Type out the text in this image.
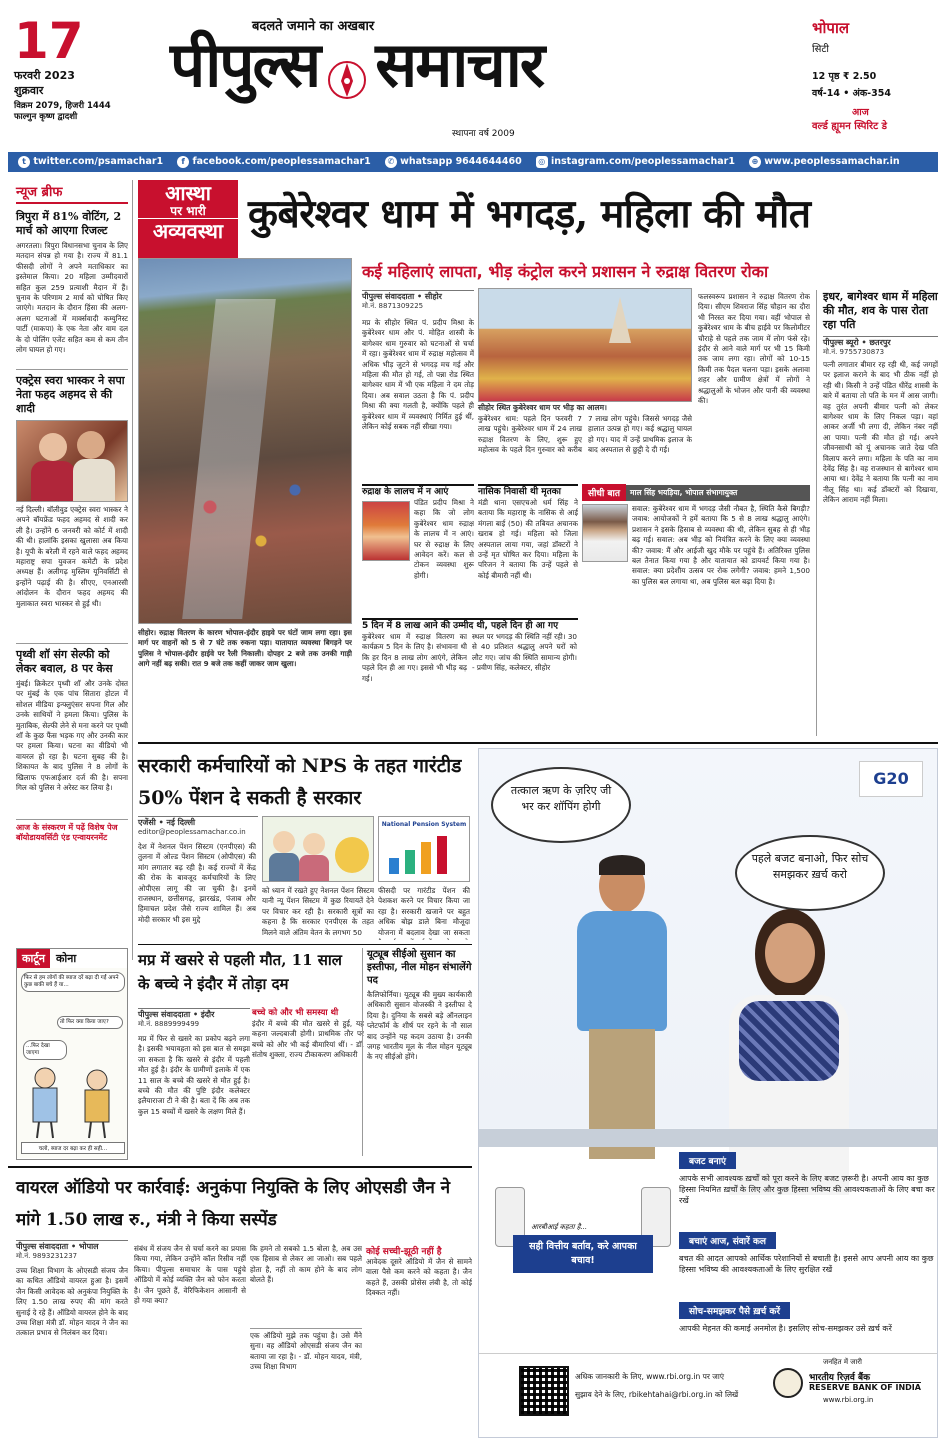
17
फरवरी 2023
शुक्रवार
विक्रम 2079, हिजरी 1444
फाल्गुन कृष्ण द्वादशी
बदलते जमाने का अखबार
पीपुल्स समाचार
स्थापना वर्ष 2009
भोपाल
सिटी
12 पृष्ठ ₹ 2.50
वर्ष-14 • अंक-354
आज
वर्ल्ड ह्यूमन स्पिरिट डे
t twitter.com/psamachar1	f facebook.com/peoplessamachar1	✆ whatsapp 9644644460	◎ instagram.com/peoplessamachar1	⊕ www.peoplessamachar.in
न्यूज ब्रीफ
त्रिपुरा में 81% वोटिंग, 2 मार्च को आएगा रिजल्ट
अगरतला। त्रिपुरा विधानसभा चुनाव के लिए मतदान संपन्न हो गया है। राज्य में 81.1 फीसदी लोगों ने अपने मताधिकार का इस्तेमाल किया। 20 महिला उम्मीदवारों सहित कुल 259 प्रत्याशी मैदान में हैं। चुनाव के परिणाम 2 मार्च को घोषित किए जाएंगे। मतदान के दौरान हिंसा की अलग-अलग घटनाओं में मार्क्सवादी कम्युनिस्ट पार्टी (माकपा) के एक नेता और वाम दल के दो पोलिंग एजेंट सहित कम से कम तीन लोग घायल हो गए।
एक्ट्रेस स्वरा भास्कर ने सपा नेता फहद अहमद से की शादी
नई दिल्ली। बॉलीवुड एक्ट्रेस स्वरा भास्कर ने अपने बॉयफ्रेंड फहद अहमद से शादी कर ली है। उन्होंने 6 जनवरी को कोर्ट में शादी की थी। हालांकि इसका खुलासा अब किया है। यूपी के बरेली में रहने वाले फहद अहमद महाराष्ट्र सपा युवजन कमेटी के प्रदेश अध्यक्ष हैं। अलीगढ़ मुस्लिम यूनिवर्सिटी से इन्होंने पढ़ाई की है। सीएए, एनआरसी आंदोलन के दौरान फहद अहमद की मुलाकात स्वरा भास्कर से हुई थी।
पृथ्वी शॉ संग सेल्फी को लेकर बवाल, 8 पर केस
मुंबई। क्रिकेटर पृथ्वी शॉ और उनके दोस्त पर मुंबई के एक पांच सितारा होटल में सोशल मीडिया इन्फ्लुएंसर सपना गिल और उनके साथियों ने हमला किया। पुलिस के मुताबिक, सेल्फी लेने से मना करने पर पृथ्वी शॉ के कुछ फैंस भड़क गए और उनकी कार पर हमला किया। घटना का वीडियो भी वायरल हो रहा है। घटना सुबह की है। शिकायत के बाद पुलिस ने 8 लोगों के खिलाफ एफआईआर दर्ज की है। सपना गिल को पुलिस ने अरेस्ट कर लिया है।
आज के संस्करण में पढ़ें विशेष पेज बॉयोडायवर्सिटी एंड एन्वायरनमेंट
कार्टून	कोना
फिर से हम लोगों की ब्याज दरें बढ़ा दी गईं अपने कुछ बाकी बचे हैं या...
तो फिर क्या किया जाए?
...फिर देखा जाएगा
चलो, ब्याज दर बढ़ा कर ही सही...
आस्था
पर भारी
अव्यवस्था कुबेरेश्वर धाम में भगदड़, महिला की मौत
कई महिलाएं लापता, भीड़ कंट्रोल करने प्रशासन ने रुद्राक्ष वितरण रोका
पीपुल्स संवाददाता • सीहोर
मो.नं. 8871309225
मप्र के सीहोर स्थित पं. प्रदीप मिश्रा के कुबेरेश्वर धाम और पं. मोहित शास्त्री के बागेश्वर धाम गुरुवार को घटनाओं से चर्चा में रहा। कुबेरेश्वर धाम में रुद्राक्ष महोत्सव में अधिक भीड़ जुटने से भगदड़ मच गई और महिला की मौत हो गई, तो पन्ना रोड स्थित बागेश्वर धाम में भी एक महिला ने दम तोड़ दिया। अब सवाल उठता है कि पं. प्रदीप मिश्रा की क्या गलती है, क्योंकि पहले ही कुबेरेश्वर धाम में व्यवस्थाएं निर्मित हुई थीं, लेकिन कोई सबक नहीं सीखा गया।
सीहोर स्थित कुबेरेश्वर धाम पर भीड़ का आलम।
कुबेरेश्वर धाम: पहले दिन फरवरी 7 लाख पहुंचे। कुबेरेश्वर धाम में 24 लाख रुद्राक्ष वितरण के लिए, शुरू हुए महोत्सव के पहले दिन गुरुवार को करीब 7 लाख लोग पहुंचे। जिससे भगदड़ जैसे हालात उत्पन्न हो गए। कई श्रद्धालु घायल हो गए। याद में उन्हें प्राथमिक इलाज के बाद अस्पताल से छुट्टी दे दी गई।
फलस्वरूप प्रशासन ने रुद्राक्ष वितरण रोक दिया। सीएम शिवराज सिंह चौहान का दौरा भी निरस्त कर दिया गया। वहीं भोपाल से कुबेरेश्वर धाम के बीच हाईवे पर किलोमीटर चौराहे से पहले तक जाम में लोग फंसे रहे। इंदौर से आने वाले मार्ग पर भी 15 किमी तक जाम लगा रहा। लोगों को 10-15 किमी तक पैदल चलना पड़ा। इसके अलावा शहर और ग्रामीण क्षेत्रों में लोगों ने श्रद्धालुओं के भोजन और पानी की व्यवस्था की।
इधर, बागेश्वर धाम में महिला की मौत, शव के पास रोता रहा पति
पीपुल्स ब्यूरो • छतरपुर
मो.नं. 9755730873
पत्नी लगातार बीमार रह रही थी, कई जगहों पर इलाज कराने के बाद भी ठीक नहीं हो रही थी। किसी ने उन्हें पंडित धीरेंद्र शास्त्री के बारे में बताया तो पति के मन में आस जागी। वह तुरंत अपनी बीमार पत्नी को लेकर बागेश्वर धाम के लिए निकल पड़ा। वहां आकर अर्जी भी लगा दी, लेकिन नंबर नहीं आ पाया। पत्नी की मौत हो गई। अपने जीवनसाथी को यूं अचानक जाते देख पति विलाप करने लगा। महिला के पति का नाम देवेंद्र सिंह है। वह राजस्थान से बागेश्वर धाम आया था। देवेंद्र ने बताया कि पत्नी का नाम नीलू सिंह था। कई डॉक्टरों को दिखाया, लेकिन आराम नहीं मिला।
सीहोर। रुद्राक्ष वितरण के कारण भोपाल-इंदौर हाइवे पर घंटों जाम लगा रहा। इस मार्ग पर वाहनों को 5 से 7 घंटे तक रुकना पड़ा। यातायात व्यवस्था बिगड़ने पर पुलिस ने भोपाल-इंदौर हाईवे पर रैली निकाली। दोपहर 2 बजे तक उनकी गाड़ी आगे नहीं बढ़ सकी। रात 9 बजे तक कहीं जाकर जाम खुला।
रुद्राक्ष के लालच में न आएं
पंडित प्रदीप मिश्रा ने कहा कि जो लोग कुबेरेश्वर धाम रुद्राक्ष के लालच में न आएं। घर से रुद्राक्ष के लिए आवेदन करें। कल से टोकन व्यवस्था शुरू होगी।
नासिक निवासी थी मृतका
मंडी थाना एसएचओ धर्म सिंह ने बताया कि महाराष्ट्र के नासिक से आई मंगला बाई (50) की तबियत अचानक खराब हो गई। महिला को जिला अस्पताल लाया गया, जहां डॉक्टरों ने उन्हें मृत घोषित कर दिया। महिला के परिजन ने बताया कि उन्हें पहले से कोई बीमारी नहीं थी।
सीधी बात	माल सिंह भयड़िया, भोपाल संभागायुक्त
सवाल: कुबेरेश्वर धाम में भगदड़ जैसी नौबत है, स्थिति कैसे बिगड़ी? जवाब: आयोजकों ने हमें बताया कि 5 से 8 लाख श्रद्धालु आएंगे। प्रशासन ने इसके हिसाब से व्यवस्था की थी, लेकिन सुबह से ही भीड़ बढ़ गई। सवाल: अब भीड़ को नियंत्रित करने के लिए क्या व्यवस्था की? जवाब: मैं और आईजी खुद मौके पर पहुंचे हैं। अतिरिक्त पुलिस बल तैनात किया गया है और यातायात को डायवर्ट किया गया है। सवाल: क्या प्रदेशीय उत्सव पर रोक लगेगी? जवाब: हमने 1,500 का पुलिस बल लगाया था, अब पुलिस बल बढ़ा दिया है।
5 दिन में 8 लाख आने की उम्मीद थी, पहले दिन ही आ गए
कुबेरेश्वर धाम में रुद्राक्ष वितरण का कार्यक्रम 5 दिन के लिए है। संभावना थी कि हर दिन 8 लाख लोग आएंगे, लेकिन पहले दिन ही आ गए। इससे भी भीड़ बढ़ गई।
स्थल पर भगदड़ की स्थिति नहीं रही। 30 से 40 प्रतिशत श्रद्धालु अपने घरों को लौट गए। जांच की स्थिति सामान्य होगी। - प्रवीण सिंह, कलेक्टर, सीहोर
सरकारी कर्मचारियों को NPS के तहत गारंटीड 50% पेंशन दे सकती है सरकार
एजेंसी • नई दिल्ली
editor@peoplessamachar.co.in
National Pension System
देश में नेशनल पेंशन सिस्टम (एनपीएस) की तुलना में ओल्ड पेंशन सिस्टम (ओपीएस) की मांग लगातार बढ़ रही है। कई राज्यों में केंद्र की रोक के बावजूद कर्मचारियों के लिए ओपीएस लागू की जा चुकी है। इनमें राजस्थान, छत्तीसगढ़, झारखंड, पंजाब और हिमाचल प्रदेश जैसे राज्य शामिल हैं। अब मोदी सरकार भी इस मुद्दे
को ध्यान में रखते हुए नेशनल पेंशन सिस्टम यानी न्यू पेंशन सिस्टम में कुछ रियायतें देने पर विचार कर रही है। सरकारी सूत्रों का कहना है कि सरकार एनपीएस के तहत मिलने वाले अंतिम वेतन के लगभग 50
फीसदी पर गारंटीड पेंशन की पेशकश करने पर विचार किया जा रहा है। सरकारी खजाने पर बहुत अधिक बोझ डाले बिना मौजूदा योजना में बदलाव देखा जा सकता
मप्र में खसरे से पहली मौत, 11 साल के बच्चे ने इंदौर में तोड़ा दम
पीपुल्स संवाददाता • इंदौर
मो.नं. 8889999499
मप्र में फिर से खसरे का प्रकोप बढ़ने लगा है। इसकी भयावहता को इस बात से समझा जा सकता है कि खसरे से इंदौर में पहली मौत हुई है। इंदौर के ग्रामीणों इलाके में एक 11 साल के बच्चे की खसरे से मौत हुई है। बच्चे की मौत की पुष्टि इंदौर कलेक्टर इलैयाराजा टी ने की है। बता दें कि अब तक कुल 15 बच्चों में खसरे के लक्षण मिले हैं।
बच्चे को और भी समस्या थी
इंदौर में बच्चे की मौत खसरे से हुई, यह कहना जल्दबाजी होगी। प्राथमिक तौर पर बच्चे को और भी कई बीमारियां थीं। - डॉ. संतोष शुक्ला, राज्य टीकाकरण अधिकारी
यूट्यूब सीईओ सुसान का इस्तीफा, नील मोहन संभालेंगे पद
कैलिफोर्निया। यूट्यूब की मुख्य कार्यकारी अधिकारी सुसान वोजस्की ने इस्तीफा दे दिया है। दुनिया के सबसे बड़े ऑनलाइन प्लेटफॉर्म के शीर्ष पर रहने के नौ साल बाद उन्होंने यह कदम उठाया है। उनकी जगह भारतीय मूल के नील मोहन यूट्यूब के नए सीईओ होंगे।
वायरल ऑडियो पर कार्रवाई: अनुकंपा नियुक्ति के लिए ओएसडी जैन ने मांगे 1.50 लाख रु., मंत्री ने किया सस्पेंड
पीपुल्स संवाददाता • भोपाल
मो.नं. 9893231237
उच्च शिक्षा विभाग के ओएसडी संजय जैन का कथित ऑडियो वायरल हुआ है। इसमें जैन किसी आवेदक को अनुकंपा नियुक्ति के लिए 1.50 लाख रुपए की मांग करते सुनाई दे रहे हैं। ऑडियो वायरल होने के बाद उच्च शिक्षा मंत्री डॉ. मोहन यादव ने जैन का तत्काल प्रभाव से निलंबन कर दिया।
संबंध में संजय जैन से चर्चा करने का प्रयास किया गया, लेकिन उन्होंने कॉल रिसीव नहीं किया। पीपुल्स समाचार के पास पहुंचे ऑडियो में कोई व्यक्ति जैन को फोन करता है। जैन पूछते हैं, वेरिफिकेशन आसानी से हो गया क्या?
कि हमने तो सबको 1.5 बोला है, अब उस एक हिसाब से लेकर आ जाओ। सब पहले होता है, नहीं तो काम होने के बाद लोग बोलते हैं।
एक ऑडियो मुझे तक पहुंचा है। उसे मैंने सुना। वह ऑडियो ओएसडी संजय जैन का बताया जा रहा है। - डॉ. मोहन यादव, मंत्री, उच्च शिक्षा विभाग
कोई सच्ची-झूठी नहीं है
आवेदक दूसरे ऑडियो में जैन से सामने वाला पैसे कम करने को कहता है। जैन कहते हैं, उसकी प्रोसेस लंबी है, तो कोई दिक्कत नहीं।
G20
तत्काल ऋण के ज़रिए जी भर कर शॉपिंग होगी
पहले बजट बनाओ, फिर सोच समझकर ख़र्च करो
बजट बनाएं
आपके सभी आवश्यक ख़र्चों को पूरा करने के लिए बजट ज़रूरी है। अपनी आय का कुछ हिस्सा नियमित ख़र्चों के लिए और कुछ हिस्सा भविष्य की आवश्यकताओं के लिए बचा कर रखें
बचाएं आज, संवारें कल
बचत की आदत आपको आर्थिक परेशानियों से बचाती है। इससे आप अपनी आय का कुछ हिस्सा भविष्य की आवश्यकताओं के लिए सुरक्षित रखें
सोच-समझकर पैसे ख़र्च करें
आपकी मेहनत की कमाई अनमोल है। इसलिए सोच-समझकर उसे ख़र्च करें
आरबीआई कहता है...
सही वित्तीय बर्ताव, करे आपका बचाव!
अधिक जानकारी के लिए, www.rbi.org.in पर जाएं
सुझाव देने के लिए, rbikehtahai@rbi.org.in को लिखें
जनहित में जारी
भारतीय रिज़र्व बैंक
RESERVE BANK OF INDIA
www.rbi.org.in
